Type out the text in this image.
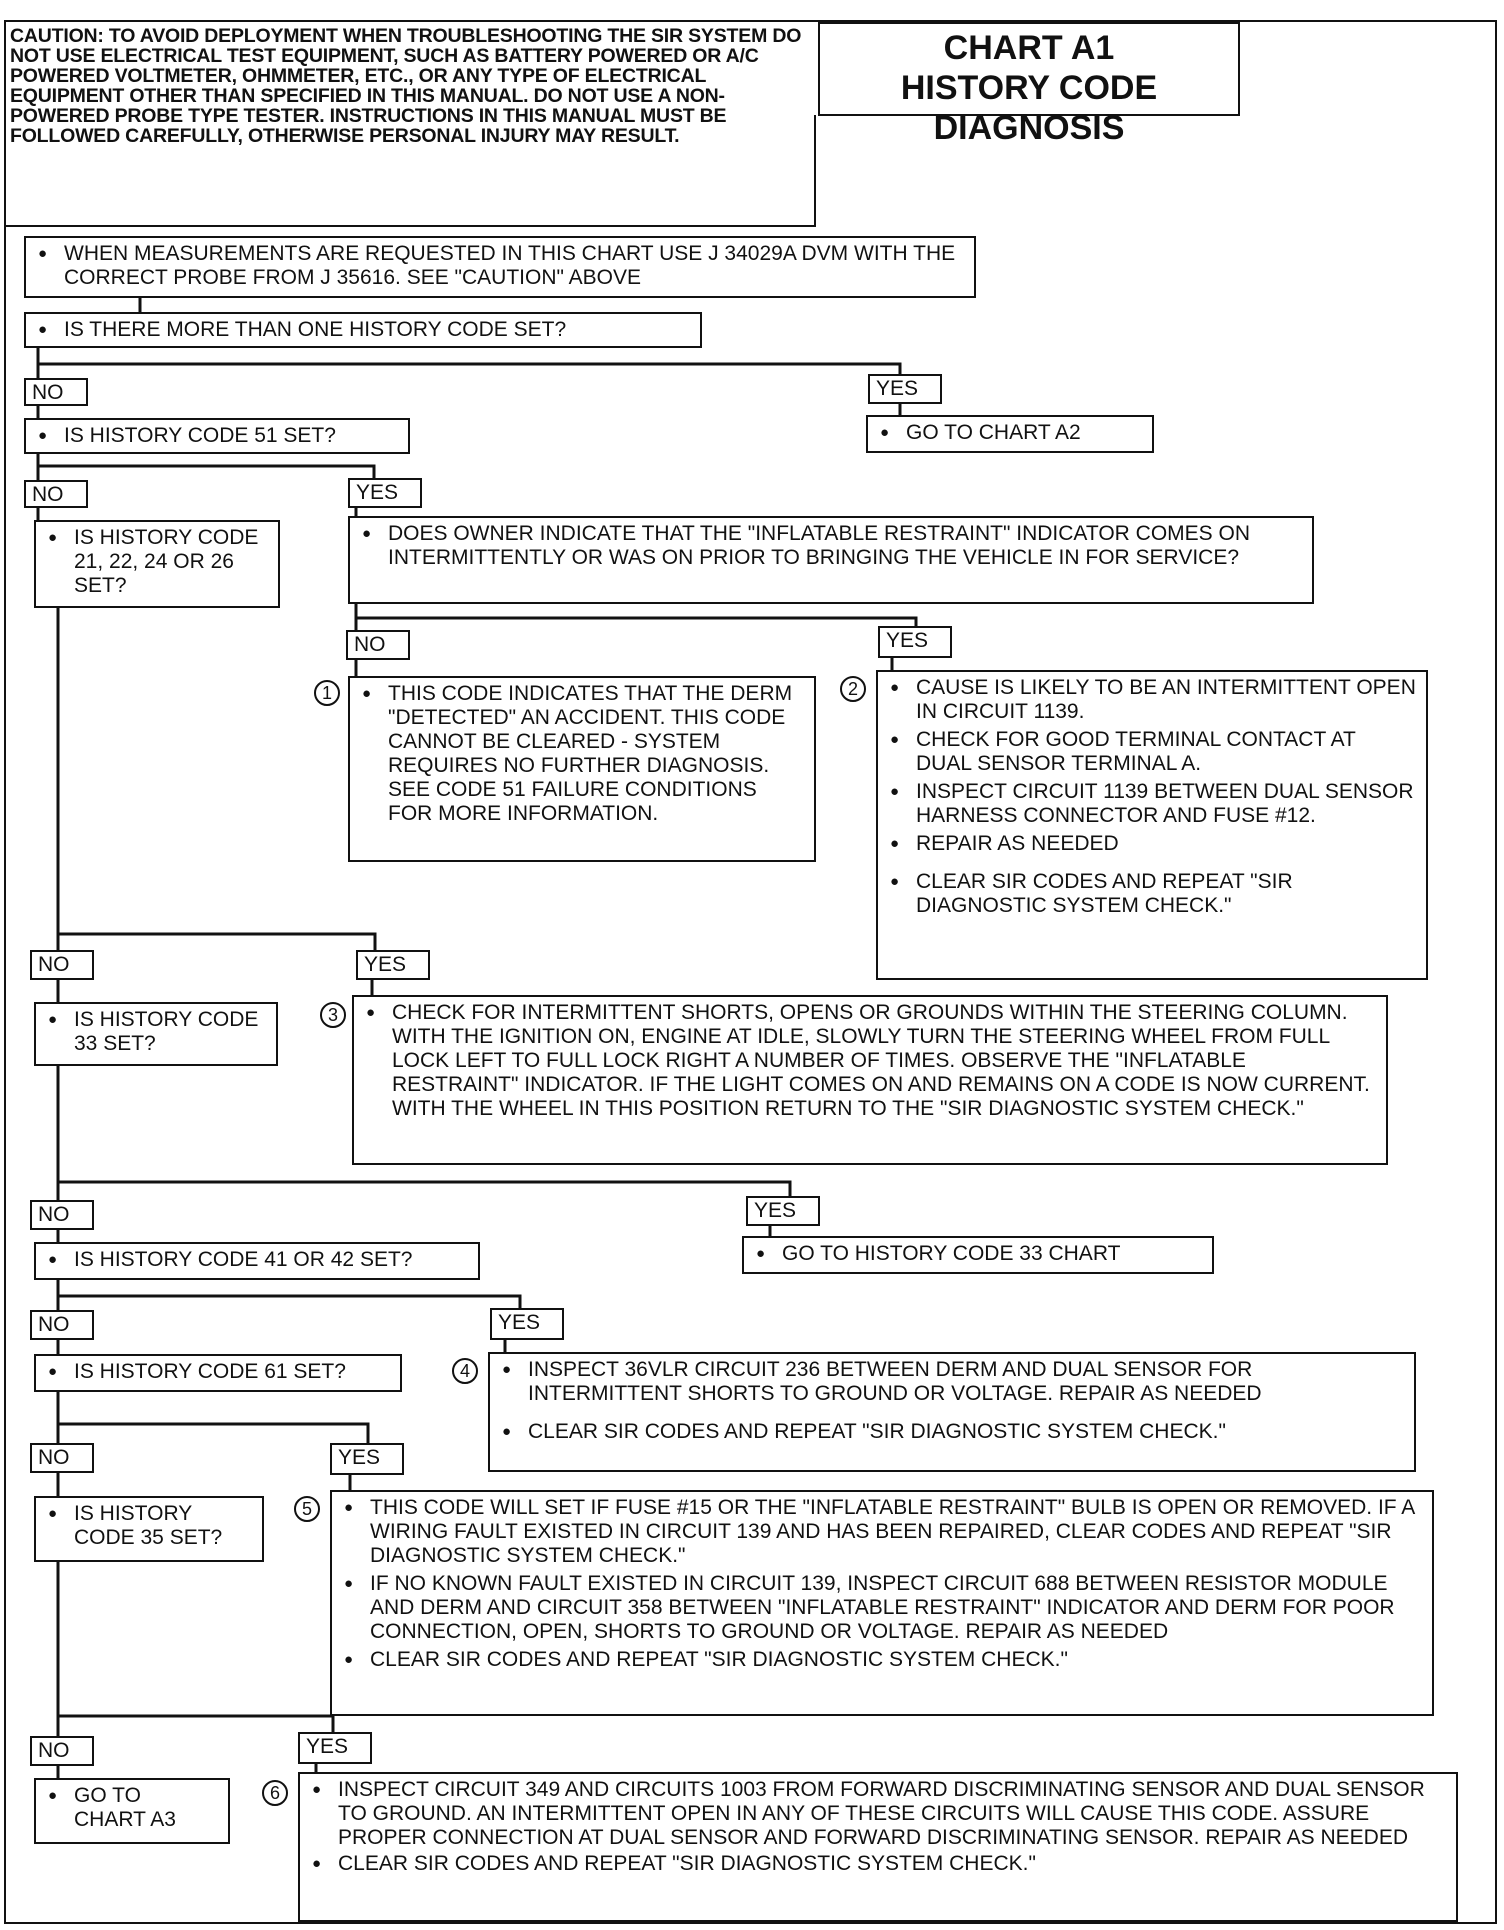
CAUTION: TO AVOID DEPLOYMENT WHEN TROUBLESHOOTING THE SIR SYSTEM DO NOT USE ELECTRICAL TEST EQUIPMENT, SUCH AS BATTERY POWERED OR A/C POWERED VOLTMETER, OHMMETER, ETC., OR ANY TYPE OF ELECTRICAL EQUIPMENT OTHER THAN SPECIFIED IN THIS MANUAL. DO NOT USE A NON-POWERED PROBE TYPE TESTER. INSTRUCTIONS IN THIS MANUAL MUST BE FOLLOWED CAREFULLY, OTHERWISE PERSONAL INJURY MAY RESULT.
CHART A1
HISTORY CODE DIAGNOSIS
● WHEN MEASUREMENTS ARE REQUESTED IN THIS CHART USE J 34029A DVM WITH THE CORRECT PROBE FROM J 35616. SEE "CAUTION" ABOVE
● IS THERE MORE THAN ONE HISTORY CODE SET?
NO	YES
● GO TO CHART A2
● IS HISTORY CODE 51 SET?
NO	YES
● IS HISTORY CODE 21, 22, 24 OR 26 SET?
● DOES OWNER INDICATE THAT THE "INFLATABLE RESTRAINT" INDICATOR COMES ON INTERMITTENTLY OR WAS ON PRIOR TO BRINGING THE VEHICLE IN FOR SERVICE?
NO	YES
1	● THIS CODE INDICATES THAT THE DERM "DETECTED" AN ACCIDENT. THIS CODE CANNOT BE CLEARED - SYSTEM REQUIRES NO FURTHER DIAGNOSIS. SEE CODE 51 FAILURE CONDITIONS FOR MORE INFORMATION.
2	● CAUSE IS LIKELY TO BE AN INTERMITTENT OPEN IN CIRCUIT 1139.
● CHECK FOR GOOD TERMINAL CONTACT AT DUAL SENSOR TERMINAL A.
● INSPECT CIRCUIT 1139 BETWEEN DUAL SENSOR HARNESS CONNECTOR AND FUSE #12.
● REPAIR AS NEEDED
● CLEAR SIR CODES AND REPEAT "SIR DIAGNOSTIC SYSTEM CHECK."
NO	YES
● IS HISTORY CODE 33 SET?
3	● CHECK FOR INTERMITTENT SHORTS, OPENS OR GROUNDS WITHIN THE STEERING COLUMN. WITH THE IGNITION ON, ENGINE AT IDLE, SLOWLY TURN THE STEERING WHEEL FROM FULL LOCK LEFT TO FULL LOCK RIGHT A NUMBER OF TIMES. OBSERVE THE "INFLATABLE RESTRAINT" INDICATOR. IF THE LIGHT COMES ON AND REMAINS ON A CODE IS NOW CURRENT. WITH THE WHEEL IN THIS POSITION RETURN TO THE "SIR DIAGNOSTIC SYSTEM CHECK."
NO	YES
● IS HISTORY CODE 41 OR 42 SET?	● GO TO HISTORY CODE 33 CHART
NO	YES
● IS HISTORY CODE 61 SET?	4	● INSPECT 36VLR CIRCUIT 236 BETWEEN DERM AND DUAL SENSOR FOR INTERMITTENT SHORTS TO GROUND OR VOLTAGE. REPAIR AS NEEDED
● CLEAR SIR CODES AND REPEAT "SIR DIAGNOSTIC SYSTEM CHECK."
NO	YES
● IS HISTORY CODE 35 SET?
5	● THIS CODE WILL SET IF FUSE #15 OR THE "INFLATABLE RESTRAINT" BULB IS OPEN OR REMOVED. IF A WIRING FAULT EXISTED IN CIRCUIT 139 AND HAS BEEN REPAIRED, CLEAR CODES AND REPEAT "SIR DIAGNOSTIC SYSTEM CHECK."
● IF NO KNOWN FAULT EXISTED IN CIRCUIT 139, INSPECT CIRCUIT 688 BETWEEN RESISTOR MODULE AND DERM AND CIRCUIT 358 BETWEEN "INFLATABLE RESTRAINT" INDICATOR AND DERM FOR POOR CONNECTION, OPEN, SHORTS TO GROUND OR VOLTAGE. REPAIR AS NEEDED
● CLEAR SIR CODES AND REPEAT "SIR DIAGNOSTIC SYSTEM CHECK."
NO	YES
● GO TO CHART A3
6	● INSPECT CIRCUIT 349 AND CIRCUITS 1003 FROM FORWARD DISCRIMINATING SENSOR AND DUAL SENSOR TO GROUND. AN INTERMITTENT OPEN IN ANY OF THESE CIRCUITS WILL CAUSE THIS CODE. ASSURE PROPER CONNECTION AT DUAL SENSOR AND FORWARD DISCRIMINATING SENSOR. REPAIR AS NEEDED
● CLEAR SIR CODES AND REPEAT "SIR DIAGNOSTIC SYSTEM CHECK."
